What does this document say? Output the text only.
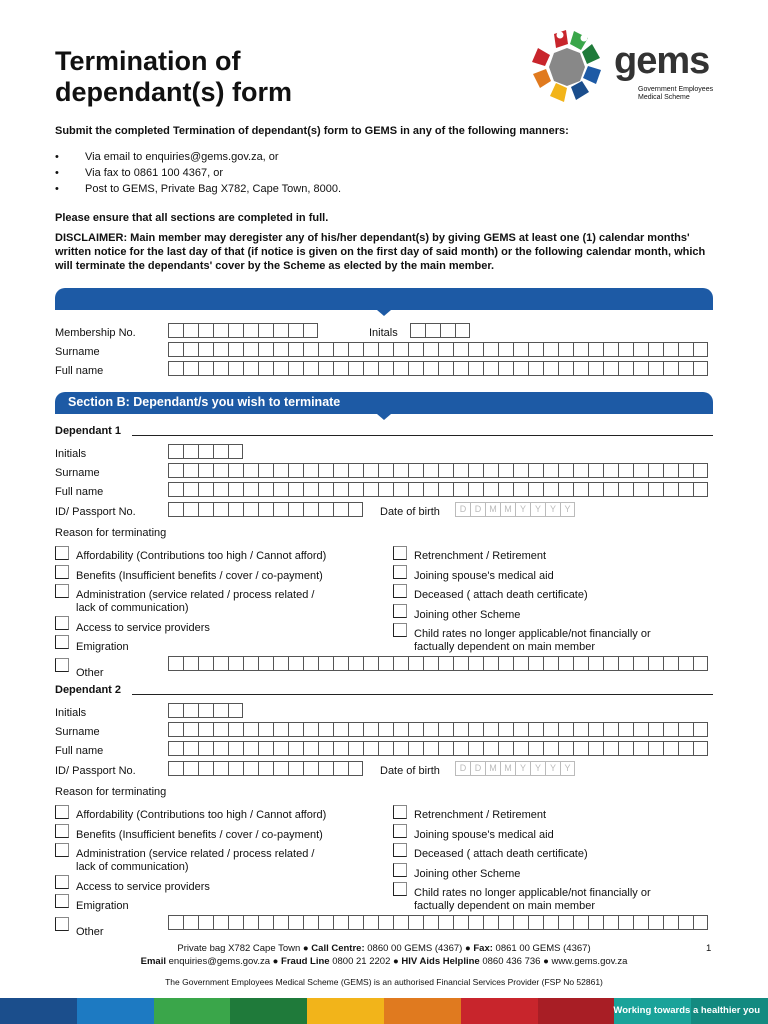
Termination of
dependant(s) form
gems
Government Employees
Medical Scheme
Submit the completed Termination of dependant(s) form to GEMS in any of the following manners:
• Via email to enquiries@gems.gov.za, or
• Via fax to 0861 100 4367, or
• Post to GEMS, Private Bag X782, Cape Town, 8000.
Please ensure that all sections are completed in full.
DISCLAIMER: Main member may deregister any of his/her dependant(s) by giving GEMS at least one (1) calendar months' written notice for the last day of that (if notice is given on the first day of said month) or the following calendar month, which will terminate the dependants' cover by the Scheme as elected by the main member.
Membership No.	Initals
Surname
Full name
Section B: Dependant/s you wish to terminate
Dependant 1
Initials
Surname
Full name
ID/ Passport No.	Date of birth	D D M M Y Y Y Y
Reason for terminating
Affordability (Contributions too high / Cannot afford)
Benefits (Insufficient benefits / cover / co-payment)
Administration (service related / process related /
lack of communication)
Access to service providers
Emigration
Retrenchment / Retirement
Joining spouse's medical aid
Deceased ( attach death certificate)
Joining other Scheme
Child rates no longer applicable/not financially or
factually dependent on main member
Other
Dependant 2
Initials
Surname
Full name
ID/ Passport No.	Date of birth	D D M M Y Y Y Y
Reason for terminating
Affordability (Contributions too high / Cannot afford)
Benefits (Insufficient benefits / cover / co-payment)
Administration (service related / process related /
lack of communication)
Access to service providers
Emigration
Retrenchment / Retirement
Joining spouse's medical aid
Deceased ( attach death certificate)
Joining other Scheme
Child rates no longer applicable/not financially or
factually dependent on main member
Other
Private bag X782 Cape Town ● Call Centre: 0860 00 GEMS (4367) ● Fax: 0861 00 GEMS (4367)	1
Email enquiries@gems.gov.za ● Fraud Line 0800 21 2202 ● HIV Aids Helpline 0860 436 736 ● www.gems.gov.za
The Government Employees Medical Scheme (GEMS) is an authorised Financial Services Provider (FSP No 52861)
Working towards a healthier you
